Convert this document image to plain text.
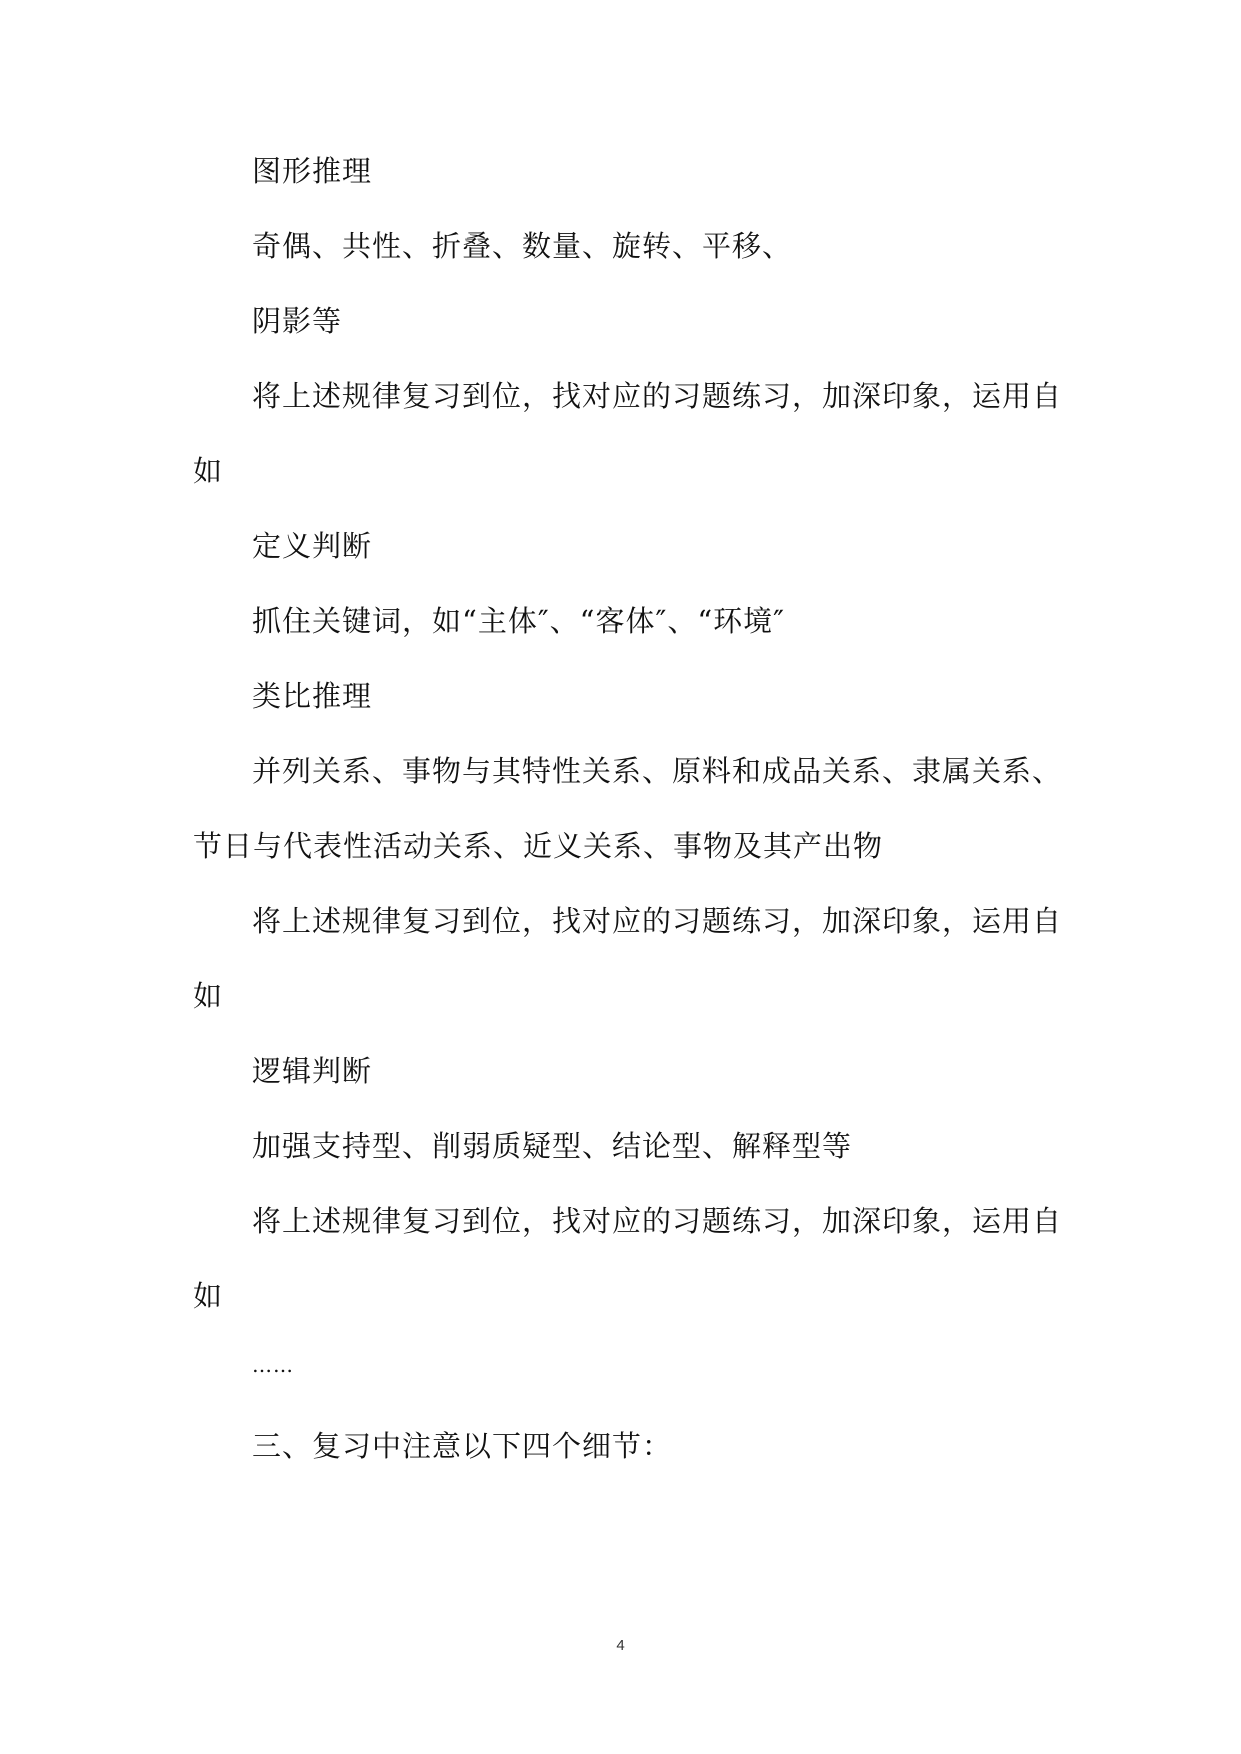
图形推理
奇偶、共性、折叠、数量、旋转、平移、
阴影等
将上述规律复习到位，找对应的习题练习，加深印象，运用自
如
定义判断
抓住关键词，如“主体″、“客体″、“环境″
类比推理
并列关系、事物与其特性关系、原料和成品关系、隶属关系、
节日与代表性活动关系、近义关系、事物及其产出物
将上述规律复习到位，找对应的习题练习，加深印象，运用自
如
逻辑判断
加强支持型、削弱质疑型、结论型、解释型等
将上述规律复习到位，找对应的习题练习，加深印象，运用自
如
……
三、复习中注意以下四个细节：
4
